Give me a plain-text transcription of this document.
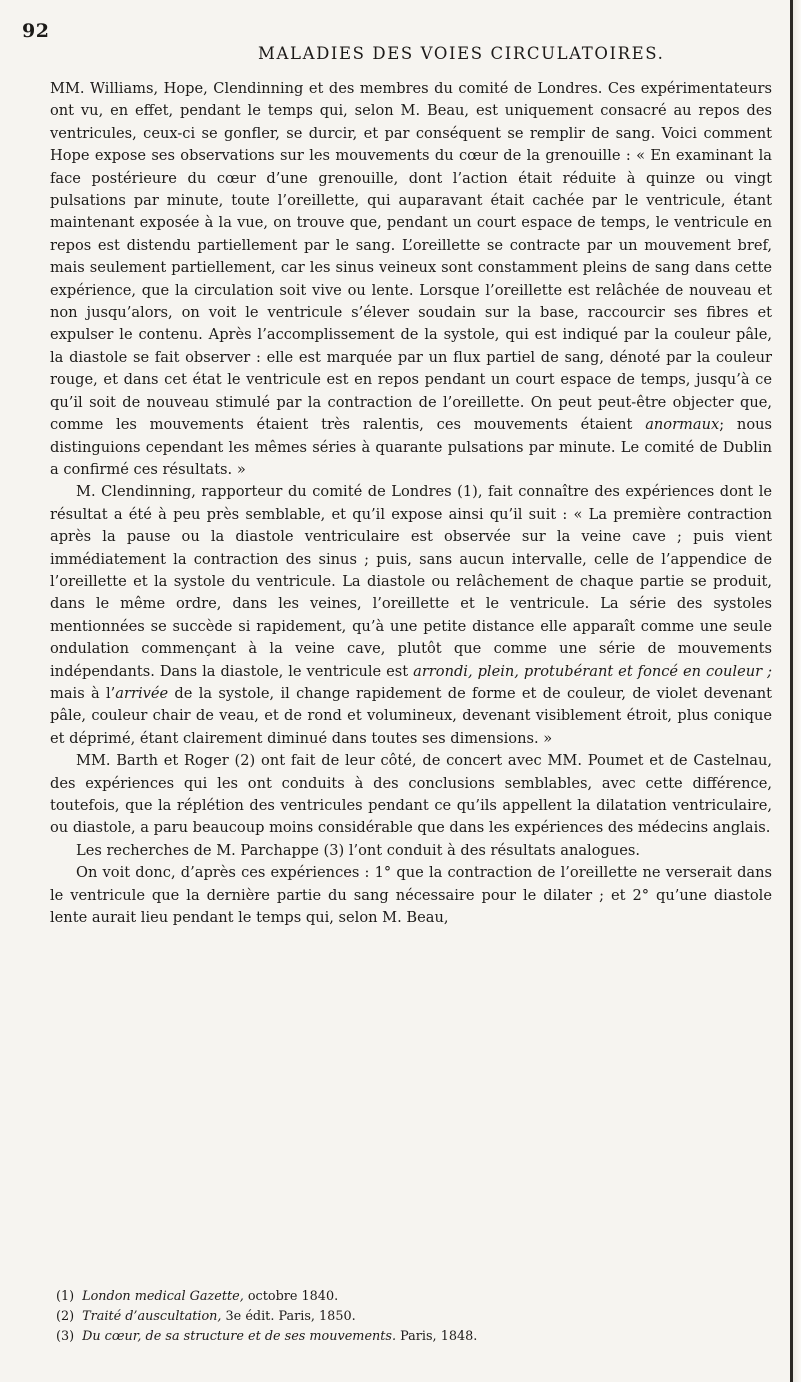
92
MALADIES DES VOIES CIRCULATOIRES.

MM. Williams, Hope, Clendinning et des membres du comité de Londres. Ces expérimentateurs ont vu, en effet, pendant le temps qui, selon M. Beau, est uniquement consacré au repos des ventricules, ceux-ci se gonfler, se durcir, et par conséquent se remplir de sang. Voici comment Hope expose ses observations sur les mouvements du cœur de la grenouille : « En examinant la face postérieure du cœur d’une grenouille, dont l’action était réduite à quinze ou vingt pulsations par minute, toute l’oreillette, qui auparavant était cachée par le ventricule, étant maintenant exposée à la vue, on trouve que, pendant un court espace de temps, le ventricule en repos est distendu partiellement par le sang. L’oreillette se contracte par un mouvement bref, mais seulement partiellement, car les sinus veineux sont constamment pleins de sang dans cette expérience, que la circulation soit vive ou lente. Lorsque l’oreillette est relâchée de nouveau et non jusqu’alors, on voit le ventricule s’élever soudain sur la base, raccourcir ses fibres et expulser le contenu. Après l’accomplissement de la systole, qui est indiqué par la couleur pâle, la diastole se fait observer : elle est marquée par un flux partiel de sang, dénoté par la couleur rouge, et dans cet état le ventricule est en repos pendant un court espace de temps, jusqu’à ce qu’il soit de nouveau stimulé par la contraction de l’oreillette. On peut peut-être objecter que, comme les mouvements étaient très ralentis, ces mouvements étaient anormaux; nous distinguions cependant les mêmes séries à quarante pulsations par minute. Le comité de Dublin a confirmé ces résultats. »

M. Clendinning, rapporteur du comité de Londres (1), fait connaître des expériences dont le résultat a été à peu près semblable, et qu’il expose ainsi qu’il suit : « La première contraction après la pause ou la diastole ventriculaire est observée sur la veine cave ; puis vient immédiatement la contraction des sinus ; puis, sans aucun intervalle, celle de l’appendice de l’oreillette et la systole du ventricule. La diastole ou relâchement de chaque partie se produit, dans le même ordre, dans les veines, l’oreillette et le ventricule. La série des systoles mentionnées se succède si rapidement, qu’à une petite distance elle apparaît comme une seule ondulation commençant à la veine cave, plutôt que comme une série de mouvements indépendants. Dans la diastole, le ventricule est arrondi, plein, protubérant et foncé en couleur ; mais à l’arrivée de la systole, il change rapidement de forme et de couleur, de violet devenant pâle, couleur chair de veau, et de rond et volumineux, devenant visiblement étroit, plus conique et déprimé, étant clairement diminué dans toutes ses dimensions. »

MM. Barth et Roger (2) ont fait de leur côté, de concert avec MM. Poumet et de Castelnau, des expériences qui les ont conduits à des conclusions semblables, avec cette différence, toutefois, que la réplétion des ventricules pendant ce qu’ils appellent la dilatation ventriculaire, ou diastole, a paru beaucoup moins considérable que dans les expériences des médecins anglais.

Les recherches de M. Parchappe (3) l’ont conduit à des résultats analogues.

On voit donc, d’après ces expériences : 1° que la contraction de l’oreillette ne verserait dans le ventricule que la dernière partie du sang nécessaire pour le dilater ; et 2° qu’une diastole lente aurait lieu pendant le temps qui, selon M. Beau,

(1) London medical Gazette, octobre 1840.
(2) Traité d’auscultation, 3e édit. Paris, 1850.
(3) Du cœur, de sa structure et de ses mouvements. Paris, 1848.
